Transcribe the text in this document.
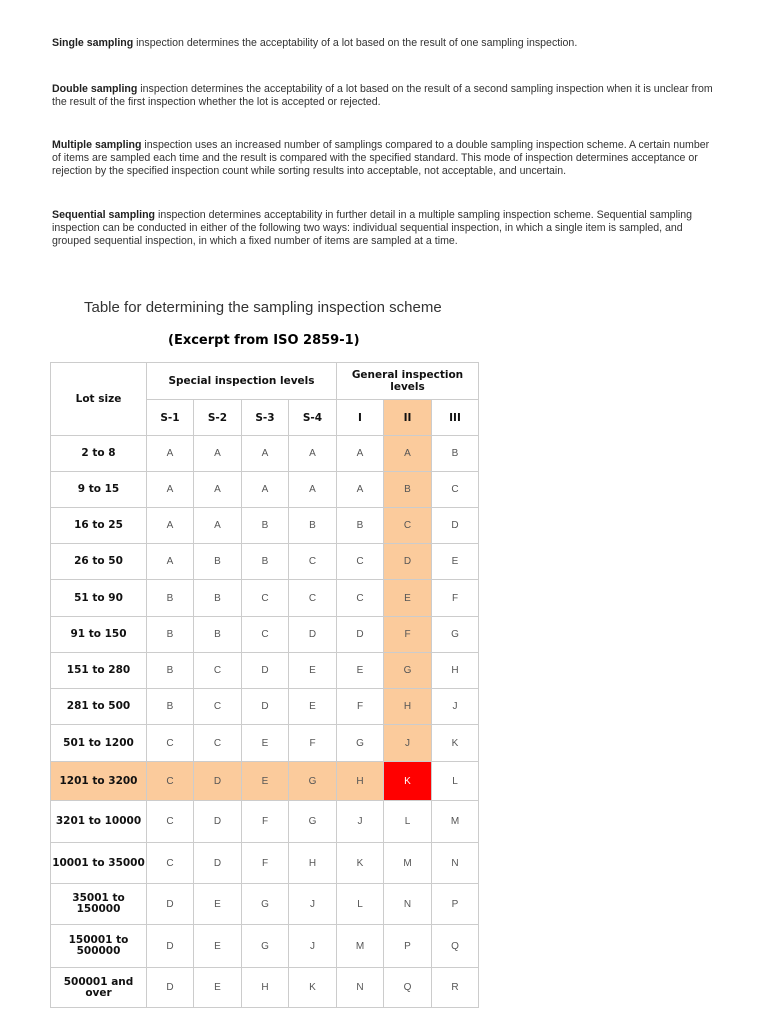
Single sampling inspection determines the acceptability of a lot based on the result of one sampling inspection.

Double sampling inspection determines the acceptability of a lot based on the result of a second sampling inspection when it is unclear from the result of the first inspection whether the lot is accepted or rejected.

Multiple sampling inspection uses an increased number of samplings compared to a double sampling inspection scheme. A certain number of items are sampled each time and the result is compared with the specified standard. This mode of inspection determines acceptance or rejection by the specified inspection count while sorting results into acceptable, not acceptable, and uncertain.

Sequential sampling inspection determines acceptability in further detail in a multiple sampling inspection scheme. Sequential sampling inspection can be conducted in either of the following two ways: individual sequential inspection, in which a single item is sampled, and grouped sequential inspection, in which a fixed number of items are sampled at a time.

Table for determining the sampling inspection scheme
(Excerpt from ISO 2859-1)
Lot size	Special inspection levels				General inspection levels		
	S-1	S-2	S-3	S-4	I	II	III
2 to 8	A	A	A	A	A	A	B
9 to 15	A	A	A	A	A	B	C
16 to 25	A	A	B	B	B	C	D
26 to 50	A	B	B	C	C	D	E
51 to 90	B	B	C	C	C	E	F
91 to 150	B	B	C	D	D	F	G
151 to 280	B	C	D	E	E	G	H
281 to 500	B	C	D	E	F	H	J
501 to 1200	C	C	E	F	G	J	K
1201 to 3200	C	D	E	G	H	K	L
3201 to 10000	C	D	F	G	J	L	M
10001 to 35000	C	D	F	H	K	M	N
35001 to 150000	D	E	G	J	L	N	P
150001 to 500000	D	E	G	J	M	P	Q
500001 and over	D	E	H	K	N	Q	R
